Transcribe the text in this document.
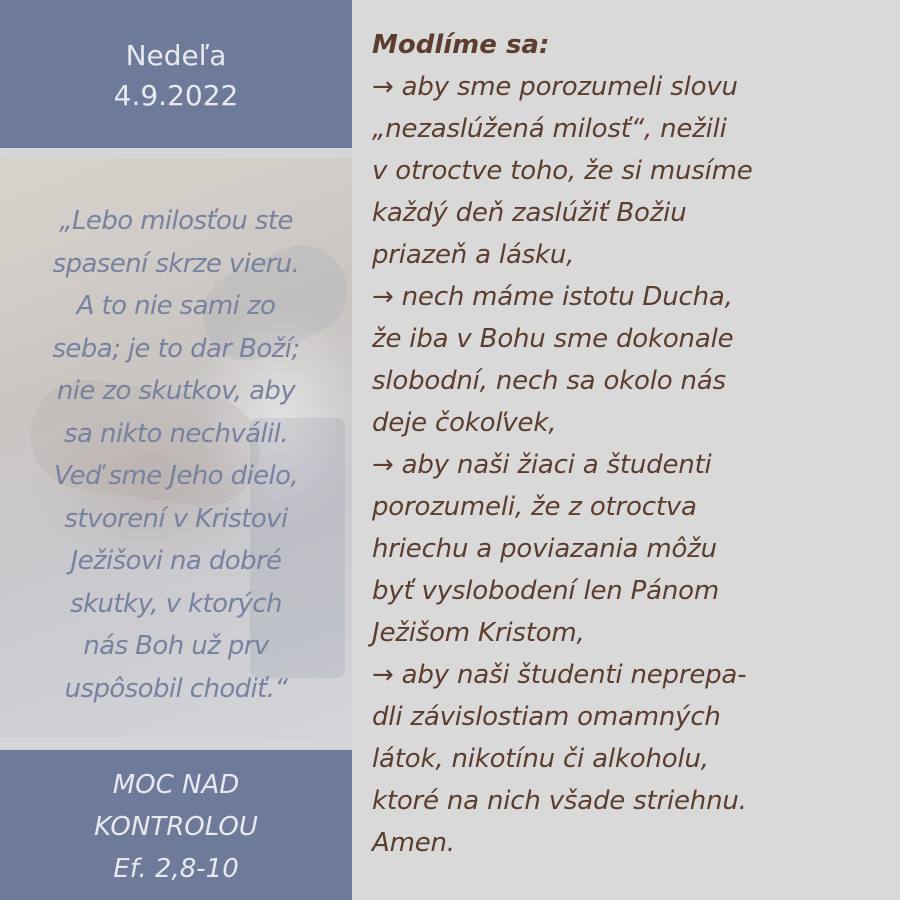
Nedeľa
4.9.2022
„Lebo milosťou ste
spasení skrze vieru.
A to nie sami zo
seba; je to dar Boží;
nie zo skutkov, aby
sa nikto nechválil.
Veď sme Jeho dielo,
stvorení v Kristovi
Ježišovi na dobré
skutky, v ktorých
nás Boh už prv
uspôsobil chodiť.“
MOC NAD
KONTROLOU
Ef. 2,8-10
Modlíme sa:
→ aby sme porozumeli slovu
„nezaslúžená milosť“, nežili
v otroctve toho, že si musíme
každý deň zaslúžiť Božiu
priazeň a lásku,
→ nech máme istotu Ducha,
že iba v Bohu sme dokonale
slobodní, nech sa okolo nás
deje čokoľvek,
→ aby naši žiaci a študenti
porozumeli, že z otroctva
hriechu a poviazania môžu
byť vyslobodení len Pánom
Ježišom Kristom,
→ aby naši študenti neprepa-
dli závislostiam omamných
látok, nikotínu či alkoholu,
ktoré na nich všade striehnu.
Amen.
